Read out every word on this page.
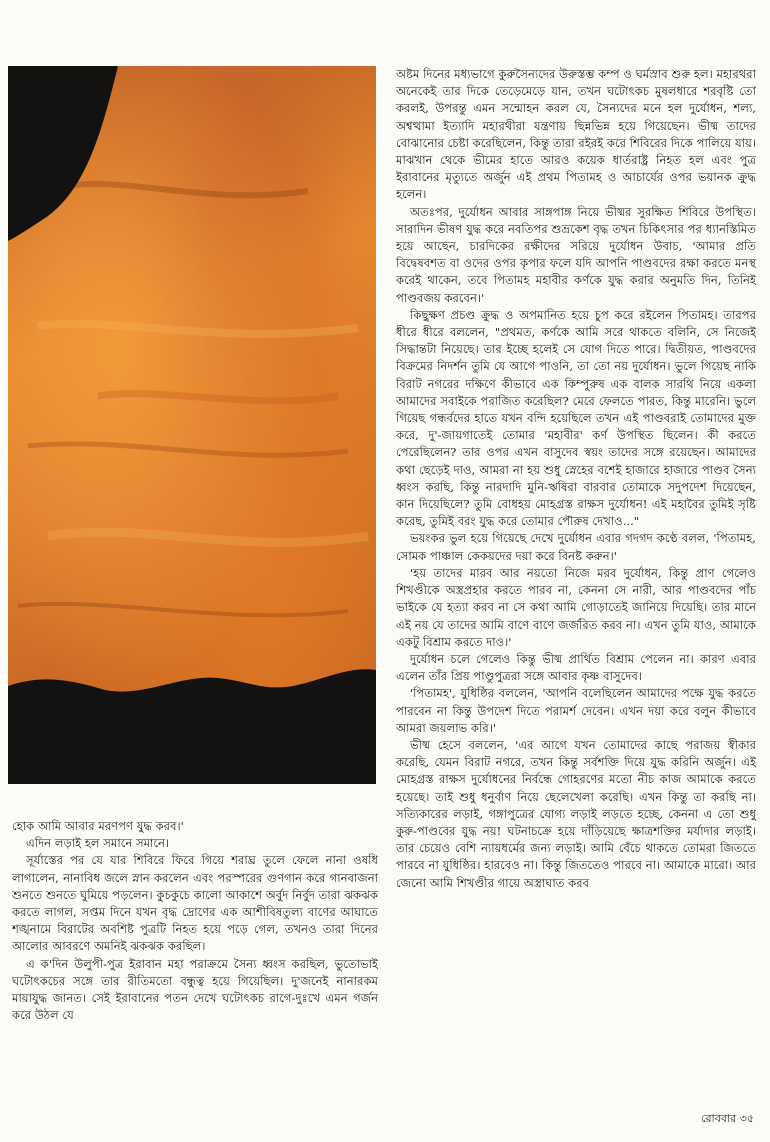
অষ্টম দিনের মধ্যভাগে কুরুসৈন্যদের উরুস্তম্ভ কম্প ও ঘর্মস্রাব শুরু হল। মহারথরা অনেকেই তার দিকে তেড়েমেড়ে যান, তখন ঘটোৎকচ মুষলধারে শরবৃষ্টি তো করলই, উপরন্তু এমন সন্মোহন করল যে, সৈন্যদের মনে হল দুর্যোধন, শল্য, অশ্বত্থামা ইত্যাদি মহারথীরা যন্ত্রণায় ছিন্নভিন্ন হয়ে গিয়েছেন। ভীষ্ম তাদের বোঝানোর চেষ্টা করেছিলেন, কিন্তু তারা রইরই করে শিবিরের দিকে পালিয়ে যায়। মাঝখান থেকে ভীমের হাতে আরও কয়েক ধার্তরাষ্ট্র নিহত হল এবং পুত্র ইরাবানের মৃত্যুতে অর্জুন এই প্রথম পিতামহ ও আচার্যের ওপর ভয়ানক ক্রুদ্ধ হলেন।

অতঃপর, দুর্যোধন আবার সাঙ্গপাঙ্গ নিয়ে ভীষ্মর সুরক্ষিত শিবিরে উপস্থিত। সারাদিন ভীষণ যুদ্ধ করে নবতিপর শুভ্রকেশ বৃদ্ধ তখন চিকিৎসার পর ধ্যানস্তিমিত হয়ে আছেন, চারদিকের রক্ষীদের সরিয়ে দুর্যোধন উবাচ, 'আমার প্রতি বিদ্বেষবশত বা ওদের ওপর কৃপার ফলে যদি আপনি পাণ্ডবদের রক্ষা করতে মনস্থ করেই থাকেন, তবে পিতামহ মহাবীর কর্ণকে যুদ্ধ করার অনুমতি দিন, তিনিই পাণ্ডবজয় করবেন।'

কিছুক্ষণ প্রচণ্ড ক্রুদ্ধ ও অপমানিত হয়ে চুপ করে রইলেন পিতামহ। তারপর ধীরে ধীরে বললেন, "প্রথমত, কর্ণকে আমি সরে থাকতে বলিনি, সে নিজেই সিদ্ধান্তটা নিয়েছে। তার ইচ্ছে হলেই সে যোগ দিতে পারে। দ্বিতীয়ত, পাণ্ডবদের বিক্রমের নিদর্শন তুমি যে আগে পাওনি, তা তো নয় দুর্যোধন। ভুলে গিয়েছ নাকি বিরাট নগরের দক্ষিণে কীভাবে এক কিম্পুরুষ এক বালক সারথি নিয়ে একলা আমাদের সবাইকে পরাজিত করেছিল? মেরে ফেলতে পারত, কিন্তু মারেনি। ভুলে গিয়েছ গন্ধর্বদের হাতে যখন বন্দি হয়েছিলে তখন এই পাণ্ডবরাই তোমাদের মুক্ত করে, দু'-জায়গাতেই তোমার 'মহাবীর' কর্ণ উপস্থিত ছিলেন। কী করতে পেরেছিলেন? তার ওপর এখন বাসুদেব স্বয়ং তাদের সঙ্গে রয়েছেন। আমাদের কথা ছেড়েই দাও, আমরা না হয় শুধু স্নেহের বশেই হাজারে হাজারে পাণ্ডব সৈন্য ধ্বংস করছি, কিন্তু নারদাদি মুনি-ঋষিরা বারবার তোমাকে সদুপদেশ দিয়েছেন, কান দিয়েছিলে? তুমি বোধহয় মোহগ্রস্ত রাক্ষস দুর্যোধন! এই মহাবৈর তুমিই সৃষ্টি করেছ, তুমিই বরং যুদ্ধ করে তোমার পৌরুষ দেখাও..."

ভয়ংকর ভুল হয়ে গিয়েছে দেখে দুর্যোধন এবার গদগদ কণ্ঠে বলল, 'পিতামহ, সোমক পাঞ্চাল কেকয়দের দয়া করে বিনষ্ট করুন।'

'হয় তাদের মারব আর নয়তো নিজে মরব দুর্যোধন, কিন্তু প্রাণ গেলেও শিখণ্ডীকে অস্ত্রপ্রহার করতে পারব না, কেননা সে নারী, আর পাণ্ডবদের পাঁচ ভাইকে যে হত্যা করব না সে কথা আমি গোড়াতেই জানিয়ে দিয়েছি। তার মানে এই নয় যে তাদের আমি বাণে বাণে জর্জরিত করব না। এখন তুমি যাও, আমাকে একটু বিশ্রাম করতে দাও।'

দুর্যোধন চলে গেলেও কিন্তু ভীষ্ম প্রার্থিত বিশ্রাম পেলেন না। কারণ এবার এলেন তাঁর প্রিয় পাণ্ডুপুত্ররা সঙ্গে আবার কৃষ্ণ বাসুদেব।

'পিতামহ', যুধিষ্ঠির বললেন, 'আপনি বলেছিলেন আমাদের পক্ষে যুদ্ধ করতে পারবেন না কিন্তু উপদেশ দিতে পরামর্শ দেবেন। এখন দয়া করে বলুন কীভাবে আমরা জয়লাভ করি।'

ভীষ্ম হেসে বললেন, 'এর আগে যখন তোমাদের কাছে পরাজয় স্বীকার করেছি, যেমন বিরাট নগরে, তখন কিন্তু সর্বশক্তি দিয়ে যুদ্ধ করিনি অর্জুন। এই মোহগ্রস্ত রাক্ষস দুর্যোধনের নির্বন্ধে গোহরণের মতো নীচ কাজ আমাকে করতে হয়েছে। তাই শুধু ধনুর্বাণ নিয়ে ছেলেখেলা করেছি। এখন কিন্তু তা করছি না। সত্যিকারের লড়াই, গঙ্গাপুত্রের যোগ্য লড়াই লড়তে হচ্ছে, কেননা এ তো শুধু কুরু-পাণ্ডবের যুদ্ধ নয়! ঘটনাচক্রে হয়ে দাঁড়িয়েছে ক্ষাত্রশক্তির মর্যাদার লড়াই। তার চেয়েও বেশি ন্যায়ধর্মের জন্য লড়াই। আমি বেঁচে থাকতে তোমরা জিততে পারবে না যুধিষ্ঠির। হারবেও না। কিন্তু জিততেও পারবে না। আমাকে মারো। আর জেনো আমি শিখণ্ডীর গায়ে অস্ত্রাঘাত করব

হোক আমি আবার মরণপণ যুদ্ধ করব।'

এদিন লড়াই হল সমানে সমানে।

সূর্যাস্তের পর যে যার শিবিরে ফিরে গিয়ে শরাঘ্র তুলে ফেলে নানা ওষধি লাগালেন, নানাবিধ জলে স্নান করলেন এবং পরস্পরের গুণগান করে গানবাজনা শুনতে শুনতে ঘুমিয়ে পড়লেন। কুচকুচে কালো আকাশে অর্বুদ নির্বুদ তারা ঝকঝক করতে লাগল, সপ্তম দিনে যখন বৃদ্ধ দ্রোণের এক আশীবিষতুল্য বাণের আঘাতে শঙ্খনামে বিরাটের অবশিষ্ট পুত্রটি নিহত হয়ে পড়ে গেল, তখনও তারা দিনের আলোর আবরণে অমনিই ঝকঝক করছিল।

এ ক'দিন উলুপী-পুত্র ইরাবান মহা পরাক্রমে সৈন্য ধ্বংস করছিল, ভুতোভাই ঘটোৎকচের সঙ্গে তার রীতিমতো বন্ধুত্ব হয়ে গিয়েছিল। দু'জনেই নানারকম মায়াযুদ্ধ জানত। সেই ইরাবানের পতন দেখে ঘটোৎকচ রাগে-দুঃখে এমন গর্জন করে উঠল যে

রোববার ৩৫
